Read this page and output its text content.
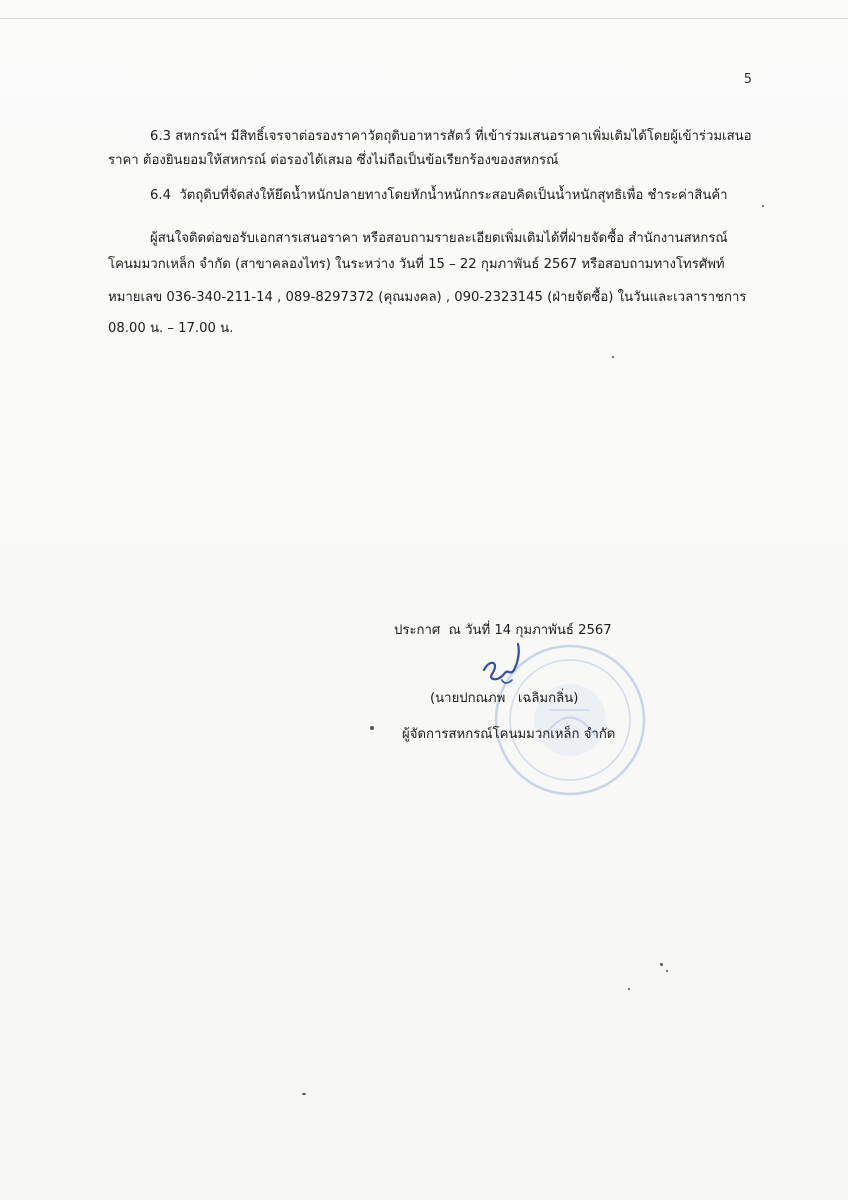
5
6.3 สหกรณ์ฯ มีสิทธิ์เจรจาต่อรองราคาวัตถุดิบอาหารสัตว์ ที่เข้าร่วมเสนอราคาเพิ่มเติมได้โดยผู้เข้าร่วมเสนอ
ราคา ต้องยินยอมให้สหกรณ์ ต่อรองได้เสมอ ซึ่งไม่ถือเป็นข้อเรียกร้องของสหกรณ์
6.4  วัตถุดิบที่จัดส่งให้ยึดน้ำหนักปลายทางโดยหักน้ำหนักกระสอบคิดเป็นน้ำหนักสุทธิเพื่อ ชำระค่าสินค้า
ผู้สนใจติดต่อขอรับเอกสารเสนอราคา หรือสอบถามรายละเอียดเพิ่มเติมได้ที่ฝ่ายจัดซื้อ สำนักงานสหกรณ์
โคนมมวกเหล็ก จำกัด (สาขาคลองไทร) ในระหว่าง วันที่ 15 – 22 กุมภาพันธ์ 2567 หรือสอบถามทางโทรศัพท์
หมายเลข 036-340-211-14 , 089-8297372 (คุณมงคล) , 090-2323145 (ฝ่ายจัดซื้อ) ในวันและเวลาราชการ
08.00 น. – 17.00 น.
ประกาศ  ณ วันที่ 14 กุมภาพันธ์ 2567
(นายปกณภพ   เฉลิมกลิ่น)
ผู้จัดการสหกรณ์โคนมมวกเหล็ก จำกัด
